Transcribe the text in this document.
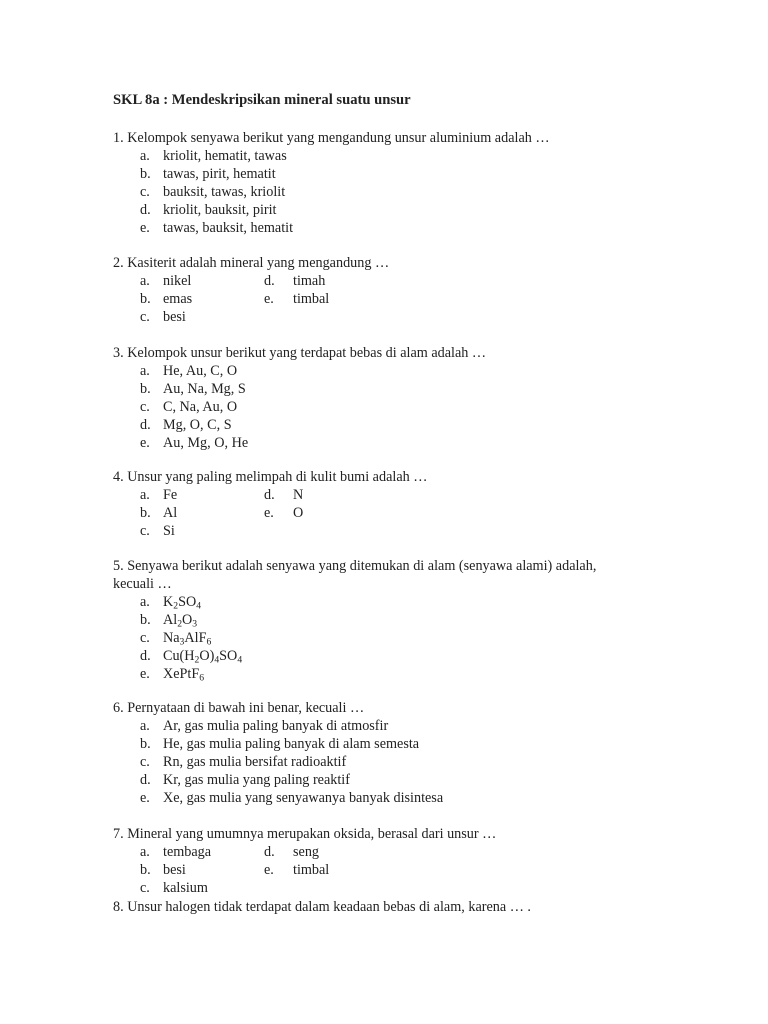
SKL 8a : Mendeskripsikan mineral suatu unsur
1. Kelompok senyawa berikut yang mengandung unsur aluminium adalah …
a. kriolit, hematit, tawas
b. tawas, pirit, hematit
c. bauksit, tawas, kriolit
d. kriolit, bauksit, pirit
e. tawas, bauksit, hematit
2. Kasiterit adalah mineral yang mengandung …
a. nikel	d. timah
b. emas	e. timbal
c. besi
3. Kelompok unsur berikut yang terdapat bebas di alam adalah …
a. He, Au, C, O
b. Au, Na, Mg, S
c. C, Na, Au, O
d. Mg, O, C, S
e. Au, Mg, O, He
4. Unsur yang paling melimpah di kulit bumi adalah …
a. Fe	d. N
b. Al	e. O
c. Si
5. Senyawa berikut adalah senyawa yang ditemukan di alam (senyawa alami) adalah,
kecuali …
a. $K_2SO_4$
b. $Al_2O_3$
c. $Na_3AlF_6$
d. $Cu(H_2O)_4SO_4$
e. XePtF$_6$
6. Pernyataan di bawah ini benar, kecuali …
a. Ar, gas mulia paling banyak di atmosfir
b. He, gas mulia paling banyak di alam semesta
c. Rn, gas mulia bersifat radioaktif
d. Kr, gas mulia yang paling reaktif
e. Xe, gas mulia yang senyawanya banyak disintesa
7. Mineral yang umumnya merupakan oksida, berasal dari unsur …
a. tembaga	d. seng
b. besi	e. timbal
c. kalsium
8. Unsur halogen tidak terdapat dalam keadaan bebas di alam, karena … .
